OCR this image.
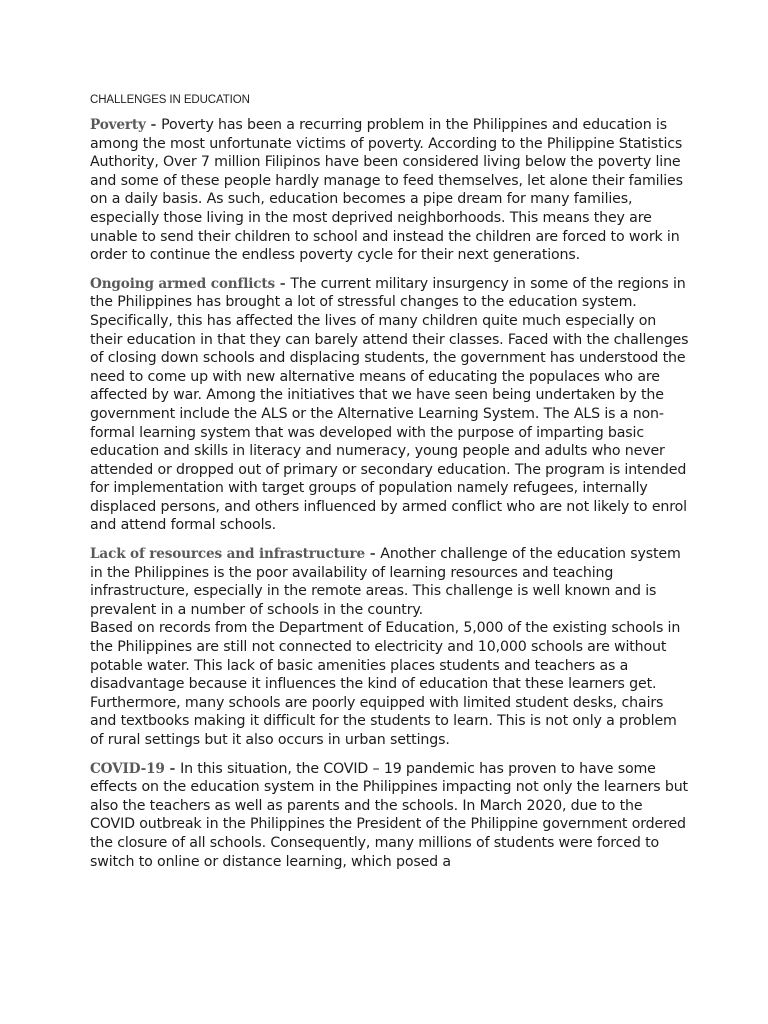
CHALLENGES IN EDUCATION

Poverty - Poverty has been a recurring problem in the Philippines and education is among the most unfortunate victims of poverty. According to the Philippine Statistics Authority, Over 7 million Filipinos have been considered living below the poverty line and some of these people hardly manage to feed themselves, let alone their families on a daily basis. As such, education becomes a pipe dream for many families, especially those living in the most deprived neighborhoods. This means they are unable to send their children to school and instead the children are forced to work in order to continue the endless poverty cycle for their next generations.

Ongoing armed conflicts - The current military insurgency in some of the regions in the Philippines has brought a lot of stressful changes to the education system. Specifically, this has affected the lives of many children quite much especially on their education in that they can barely attend their classes. Faced with the challenges of closing down schools and displacing students, the government has understood the need to come up with new alternative means of educating the populaces who are affected by war. Among the initiatives that we have seen being undertaken by the government include the ALS or the Alternative Learning System. The ALS is a non-formal learning system that was developed with the purpose of imparting basic education and skills in literacy and numeracy, young people and adults who never attended or dropped out of primary or secondary education. The program is intended for implementation with target groups of population namely refugees, internally displaced persons, and others influenced by armed conflict who are not likely to enrol and attend formal schools.

Lack of resources and infrastructure - Another challenge of the education system in the Philippines is the poor availability of learning resources and teaching infrastructure, especially in the remote areas. This challenge is well known and is prevalent in a number of schools in the country.
Based on records from the Department of Education, 5,000 of the existing schools in the Philippines are still not connected to electricity and 10,000 schools are without potable water. This lack of basic amenities places students and teachers as a disadvantage because it influences the kind of education that these learners get. Furthermore, many schools are poorly equipped with limited student desks, chairs and textbooks making it difficult for the students to learn. This is not only a problem of rural settings but it also occurs in urban settings.

COVID-19 - In this situation, the COVID – 19 pandemic has proven to have some effects on the education system in the Philippines impacting not only the learners but also the teachers as well as parents and the schools. In March 2020, due to the COVID outbreak in the Philippines the President of the Philippine government ordered the closure of all schools. Consequently, many millions of students were forced to switch to online or distance learning, which posed a
